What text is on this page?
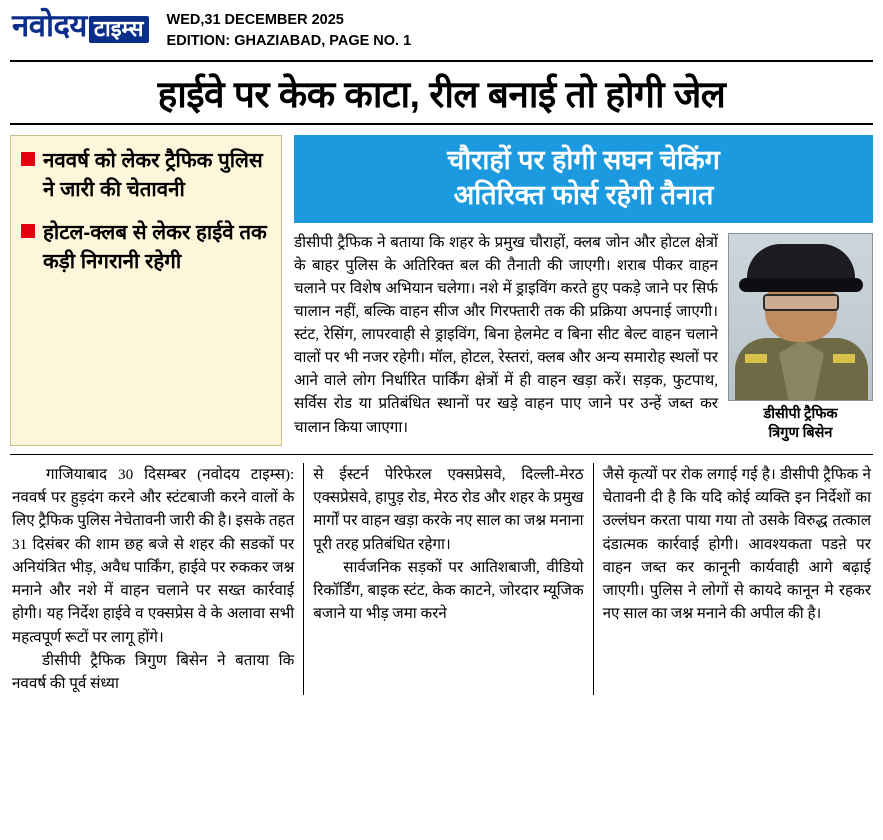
नवोदय टाइम्स	WED,31 DECEMBER 2025
EDITION: GHAZIABAD, PAGE NO. 1
हाईवे पर केक काटा, रील बनाई तो होगी जेल
नववर्ष को लेकर ट्रैफिक पुलिस ने जारी की चेतावनी
होटल-क्लब से लेकर हाईवे तक कड़ी निगरानी रहेगी
चौराहों पर होगी सघन चेकिंग
अतिरिक्त फोर्स रहेगी तैनात
डीसीपी ट्रैफिक
त्रिगुण बिसेन

डीसीपी ट्रैफिक ने बताया कि शहर के प्रमुख चौराहों, क्लब जोन और होटल क्षेत्रों के बाहर पुलिस के अतिरिक्त बल की तैनाती की जाएगी। शराब पीकर वाहन चलाने पर विशेष अभियान चलेगा। नशे में ड्राइविंग करते हुए पकड़े जाने पर सिर्फ चालान नहीं, बल्कि वाहन सीज और गिरफ्तारी तक की प्रक्रिया अपनाई जाएगी। स्टंट, रेसिंग, लापरवाही से ड्राइविंग, बिना हेलमेट व बिना सीट बेल्ट वाहन चलाने वालों पर भी नजर रहेगी। मॉल, होटल, रेस्तरां, क्लब और अन्य समारोह स्थलों पर आने वाले लोग निर्धारित पार्किंग क्षेत्रों में ही वाहन खड़ा करें। सड़क, फुटपाथ, सर्विस रोड या प्रतिबंधित स्थानों पर खड़े वाहन पाए जाने पर उन्हें जब्त कर चालान किया जाएगा।

गाजियाबाद 30 दिसम्बर (नवोदय टाइम्स): नववर्ष पर हुड़दंग करने और स्टंटबाजी करने वालों के लिए ट्रैफिक पुलिस नेचेतावनी जारी की है। इसके तहत 31 दिसंबर की शाम छह बजे से शहर की सडकों पर अनियंत्रित भीड़, अवैध पार्किंग, हाईवे पर रुककर जश्न मनाने और नशे में वाहन चलाने पर सख्त कार्रवाई होगी। यह निर्देश हाईवे व एक्सप्रेस वे के अलावा सभी महत्वपूर्ण रूटों पर लागू होंगे।

डीसीपी ट्रैफिक त्रिगुण बिसेन ने बताया कि नववर्ष की पूर्व संध्या

से ईस्टर्न पेरिफेरल एक्सप्रेसवे, दिल्ली-मेरठ एक्सप्रेसवे, हापुड़ रोड, मेरठ रोड और शहर के प्रमुख मार्गों पर वाहन खड़ा करके नए साल का जश्न मनाना पूरी तरह प्रतिबंधित रहेगा।

सार्वजनिक सड़कों पर आतिशबाजी, वीडियो रिकॉर्डिंग, बाइक स्टंट, केक काटने, जोरदार म्यूजिक बजाने या भीड़ जमा करने

जैसे कृत्यों पर रोक लगाई गई है। डीसीपी ट्रैफिक ने चेतावनी दी है कि यदि कोई व्यक्ति इन निर्देशों का उल्लंघन करता पाया गया तो उसके विरुद्ध तत्काल दंडात्मक कार्रवाई होगी। आवश्यकता पडऩे पर वाहन जब्त कर कानूनी कार्यवाही आगे बढ़ाई जाएगी। पुलिस ने लोगों से कायदे कानून मे रहकर नए साल का जश्न मनाने की अपील की है।
